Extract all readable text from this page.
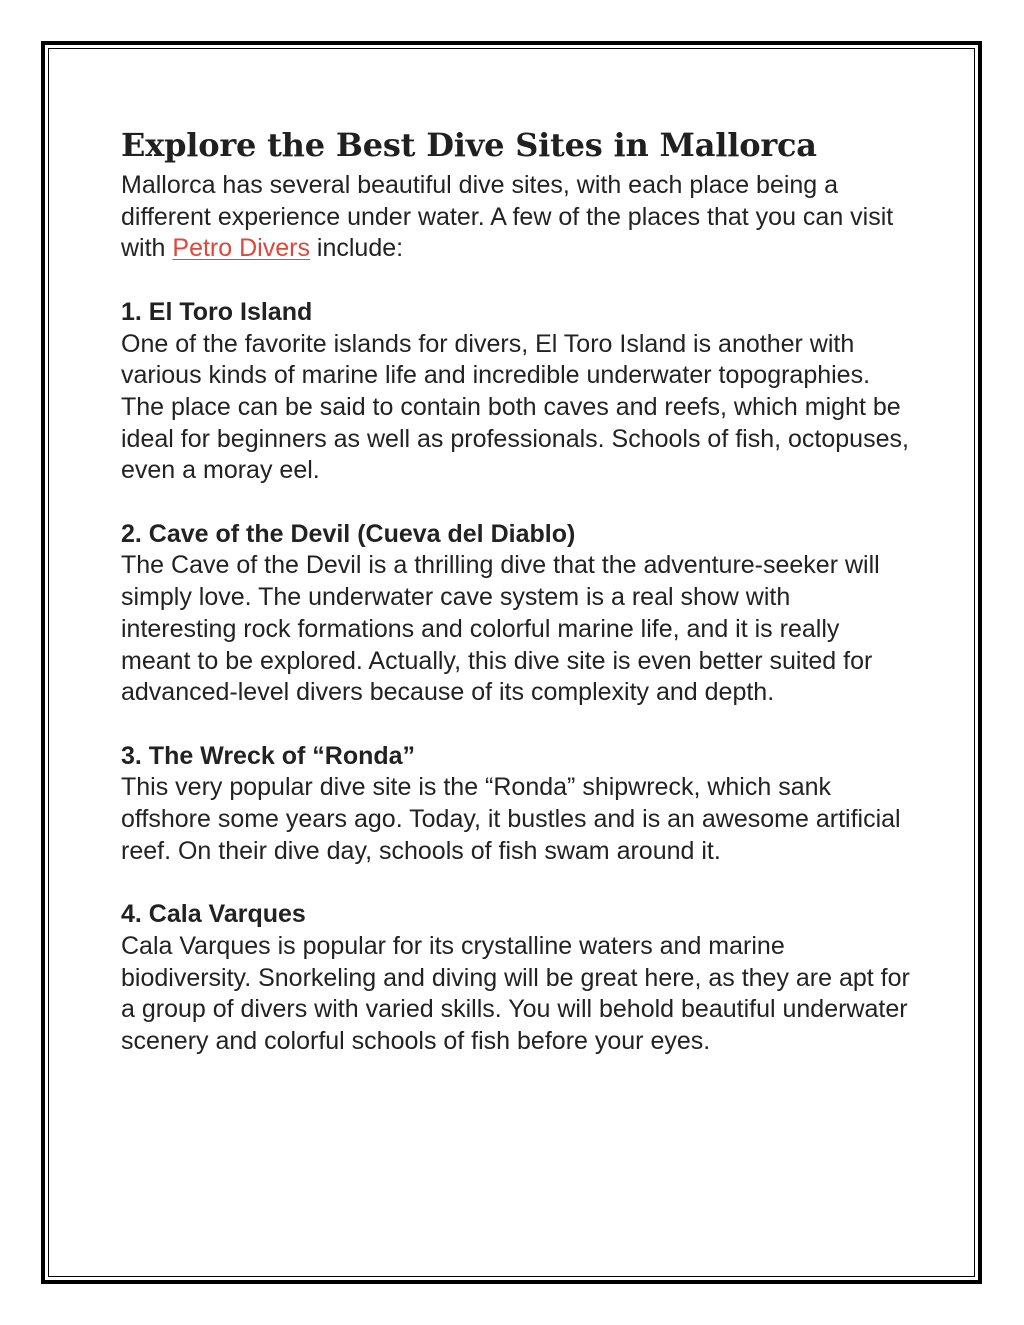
Explore the Best Dive Sites in Mallorca

Mallorca has several beautiful dive sites, with each place being a different experience under water. A few of the places that you can visit with Petro Divers include:

1. El Toro Island

One of the favorite islands for divers, El Toro Island is another with various kinds of marine life and incredible underwater topographies. The place can be said to contain both caves and reefs, which might be ideal for beginners as well as professionals. Schools of fish, octopuses, even a moray eel.

2. Cave of the Devil (Cueva del Diablo)

The Cave of the Devil is a thrilling dive that the adventure-seeker will simply love. The underwater cave system is a real show with interesting rock formations and colorful marine life, and it is really meant to be explored. Actually, this dive site is even better suited for advanced-level divers because of its complexity and depth.

3. The Wreck of “Ronda”

This very popular dive site is the “Ronda” shipwreck, which sank offshore some years ago. Today, it bustles and is an awesome artificial reef. On their dive day, schools of fish swam around it.

4. Cala Varques

Cala Varques is popular for its crystalline waters and marine biodiversity. Snorkeling and diving will be great here, as they are apt for a group of divers with varied skills. You will behold beautiful underwater scenery and colorful schools of fish before your eyes.
